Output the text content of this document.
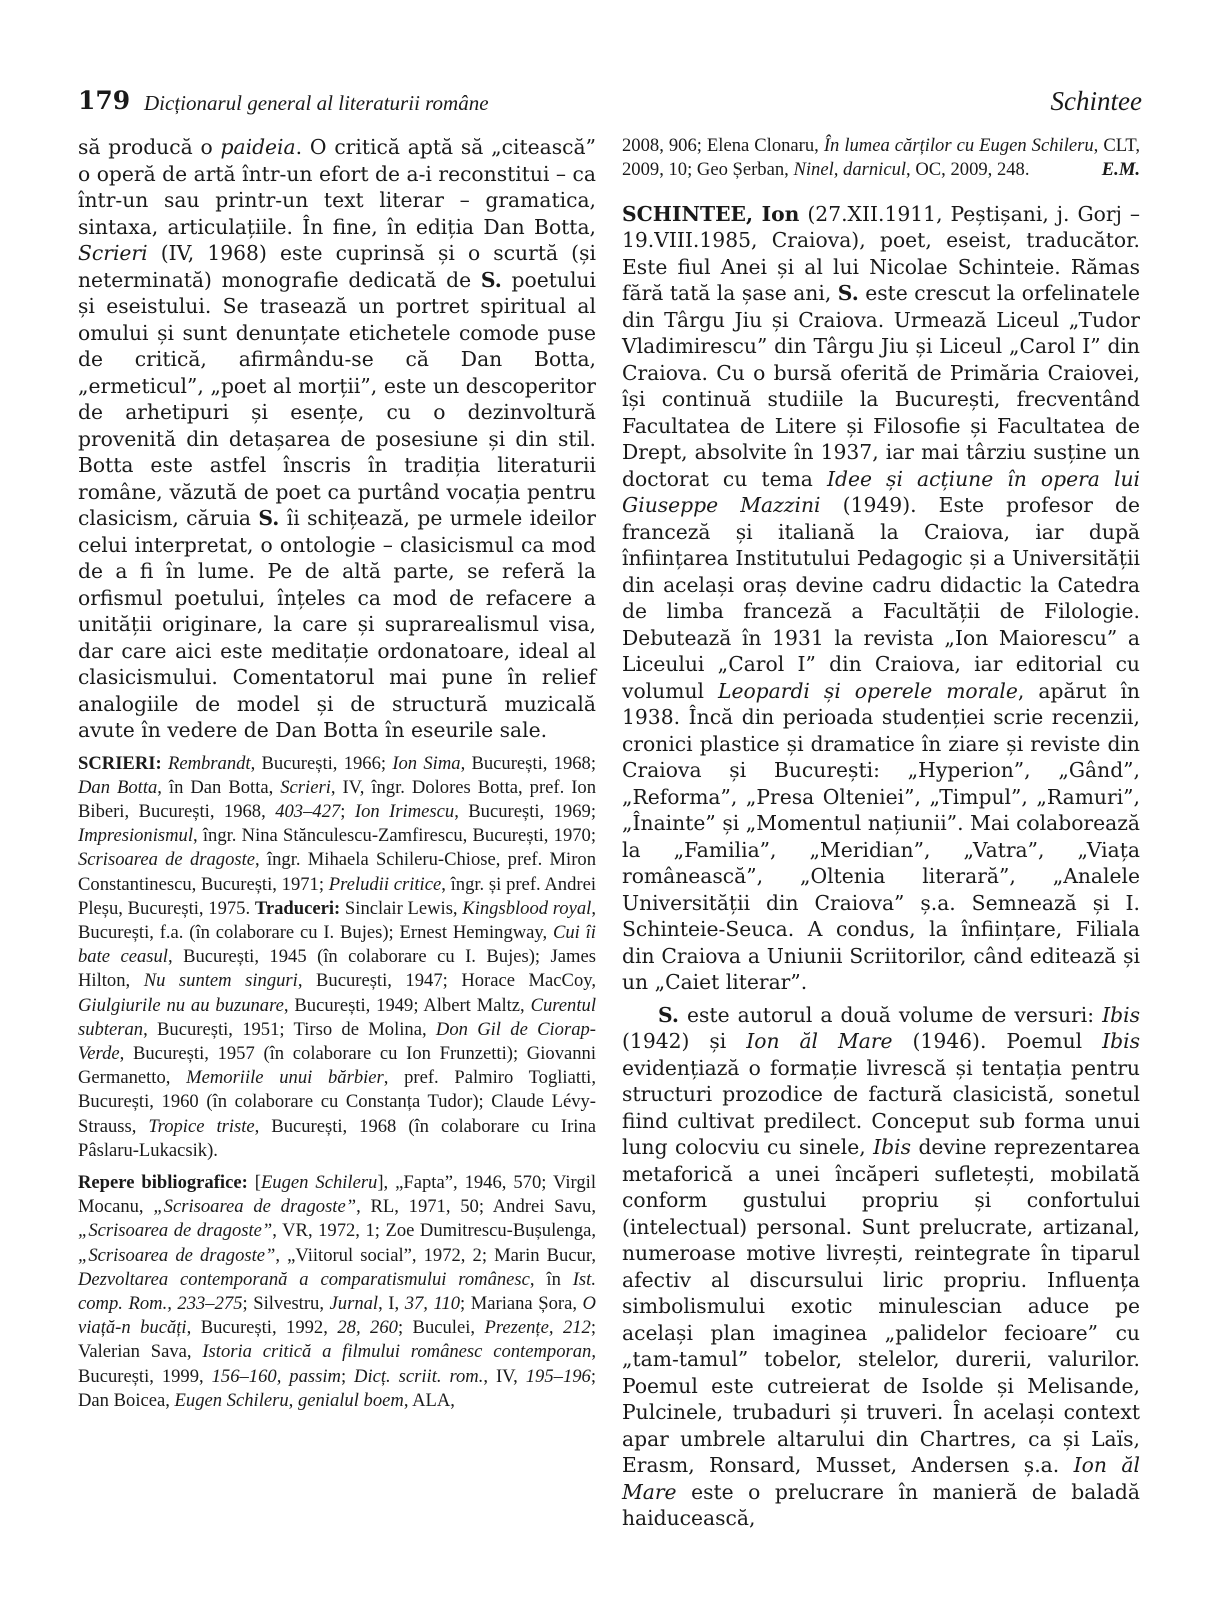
179 Dicționarul general al literaturii române	Schintee

să producă o paideia. O critică aptă să „citească” o operă de artă într-un efort de a-i reconstitui – ca într-un sau printr-un text literar – gramatica, sintaxa, articulațiile. În fine, în ediția Dan Botta, Scrieri (IV, 1968) este cuprinsă și o scurtă (și neterminată) monografie dedicată de S. poetului și eseistului. Se trasează un portret spiritual al omului și sunt denunțate etichetele comode puse de critică, afirmându-se că Dan Botta, „ermeticul”, „poet al morții”, este un descoperitor de arhetipuri și esențe, cu o dezinvoltură provenită din detașarea de posesiune și din stil. Botta este astfel înscris în tradiția literaturii române, văzută de poet ca purtând vocația pentru clasicism, căruia S. îi schițează, pe urmele ideilor celui interpretat, o ontologie – clasicismul ca mod de a fi în lume. Pe de altă parte, se referă la orfismul poetului, înțeles ca mod de refacere a unității originare, la care și suprarealismul visa, dar care aici este meditație ordonatoare, ideal al clasicismului. Comentatorul mai pune în relief analogiile de model și de structură muzicală avute în vedere de Dan Botta în eseurile sale.

SCRIERI: Rembrandt, București, 1966; Ion Sima, București, 1968; Dan Botta, în Dan Botta, Scrieri, IV, îngr. Dolores Botta, pref. Ion Biberi, București, 1968, 403–427; Ion Irimescu, București, 1969; Impresionismul, îngr. Nina Stănculescu-Zamfirescu, București, 1970; Scrisoarea de dragoste, îngr. Mihaela Schileru-Chiose, pref. Miron Constantinescu, București, 1971; Preludii critice, îngr. și pref. Andrei Pleșu, București, 1975. Traduceri: Sinclair Lewis, Kingsblood royal, București, f.a. (în colaborare cu I. Bujes); Ernest Hemingway, Cui îi bate ceasul, București, 1945 (în colaborare cu I. Bujes); James Hilton, Nu suntem singuri, București, 1947; Horace MacCoy, Giulgiurile nu au buzunare, București, 1949; Albert Maltz, Curentul subteran, București, 1951; Tirso de Molina, Don Gil de Ciorap-Verde, București, 1957 (în colaborare cu Ion Frunzetti); Giovanni Germanetto, Memoriile unui bărbier, pref. Palmiro Togliatti, București, 1960 (în colaborare cu Constanța Tudor); Claude Lévy-Strauss, Tropice triste, București, 1968 (în colaborare cu Irina Pâslaru-Lukacsik).

Repere bibliografice: [Eugen Schileru], „Fapta”, 1946, 570; Virgil Mocanu, „Scrisoarea de dragoste”, RL, 1971, 50; Andrei Savu, „Scrisoarea de dragoste”, VR, 1972, 1; Zoe Dumitrescu-Bușulenga, „Scrisoarea de dragoste”, „Viitorul social”, 1972, 2; Marin Bucur, Dezvoltarea contemporană a comparatismului românesc, în Ist. comp. Rom., 233–275; Silvestru, Jurnal, I, 37, 110; Mariana Șora, O viață-n bucăți, București, 1992, 28, 260; Buculei, Prezențe, 212; Valerian Sava, Istoria critică a filmului românesc contemporan, București, 1999, 156–160, passim; Dicț. scriit. rom., IV, 195–196; Dan Boicea, Eugen Schileru, genialul boem, ALA,

2008, 906; Elena Clonaru, În lumea cărților cu Eugen Schileru, CLT, 2009, 10; Geo Șerban, Ninel, darnicul, OC, 2009, 248.	E.M.

SCHINTEE, Ion (27.XII.1911, Peștișani, j. Gorj – 19.VIII.1985, Craiova), poet, eseist, traducător. Este fiul Anei și al lui Nicolae Schinteie. Rămas fără tată la șase ani, S. este crescut la orfelinatele din Târgu Jiu și Craiova. Urmează Liceul „Tudor Vladimirescu” din Târgu Jiu și Liceul „Carol I” din Craiova. Cu o bursă oferită de Primăria Craiovei, își continuă studiile la București, frecventând Facultatea de Litere și Filosofie și Facultatea de Drept, absolvite în 1937, iar mai târziu susține un doctorat cu tema Idee și acțiune în opera lui Giuseppe Mazzini (1949). Este profesor de franceză și italiană la Craiova, iar după înființarea Institutului Pedagogic și a Universității din același oraș devine cadru didactic la Catedra de limba franceză a Facultății de Filologie. Debutează în 1931 la revista „Ion Maiorescu” a Liceului „Carol I” din Craiova, iar editorial cu volumul Leopardi și operele morale, apărut în 1938. Încă din perioada studenției scrie recenzii, cronici plastice și dramatice în ziare și reviste din Craiova și București: „Hyperion”, „Gând”, „Reforma”, „Presa Olteniei”, „Timpul”, „Ramuri”, „Înainte” și „Momentul națiunii”. Mai colaborează la „Familia”, „Meridian”, „Vatra”, „Viața românească”, „Oltenia literară”, „Analele Universității din Craiova” ș.a. Semnează și I. Schinteie-Seuca. A condus, la înființare, Filiala din Craiova a Uniunii Scriitorilor, când editează și un „Caiet literar”.

S. este autorul a două volume de versuri: Ibis (1942) și Ion ăl Mare (1946). Poemul Ibis evidențiază o formație livrescă și tentația pentru structuri prozodice de factură clasicistă, sonetul fiind cultivat predilect. Conceput sub forma unui lung colocviu cu sinele, Ibis devine reprezentarea metaforică a unei încăperi sufletești, mobilată conform gustului propriu și confortului (intelectual) personal. Sunt prelucrate, artizanal, numeroase motive livrești, reintegrate în tiparul afectiv al discursului liric propriu. Influența simbolismului exotic minulescian aduce pe același plan imaginea „palidelor fecioare” cu „tam-tamul” tobelor, stelelor, durerii, valurilor. Poemul este cutreierat de Isolde și Melisande, Pulcinele, trubaduri și truveri. În același context apar umbrele altarului din Chartres, ca și Laïs, Erasm, Ronsard, Musset, Andersen ș.a. Ion ăl Mare este o prelucrare în manieră de baladă haiducească,
